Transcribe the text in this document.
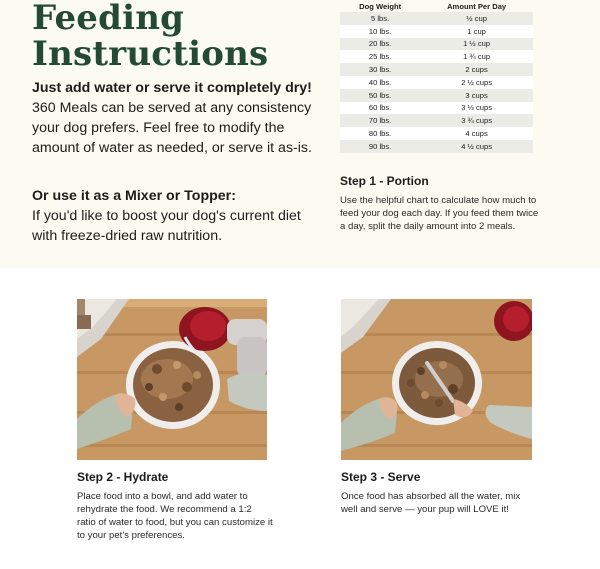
Feeding
Instructions
Just add water or serve it completely dry!
360 Meals can be served at any consistency your dog prefers. Feel free to modify the amount of water as needed, or serve it as-is.
Or use it as a Mixer or Topper:
If you'd like to boost your dog's current diet with freeze-dried raw nutrition.
Dog Weight	Amount Per Day
5 lbs.	½ cup
10 lbs.	1 cup
20 lbs.	1 ½ cup
25 lbs.	1 ¾ cup
30 lbs.	2 cups
40 lbs.	2 ½ cups
50 lbs.	3 cups
60 lbs.	3 ⅓ cups
70 lbs.	3 ¾ cups
80 lbs.	4 cups
90 lbs.	4 ½ cups
Step 1 - Portion
Use the helpful chart to calculate how much to feed your dog each day. If you feed them twice a day, split the daily amount into 2 meals.
Step 2 - Hydrate
Place food into a bowl, and add water to rehydrate the food. We recommend a 1:2 ratio of water to food, but you can customize it to your pet's preferences.
Step 3 - Serve
Once food has absorbed all the water, mix well and serve — your pup will LOVE it!
